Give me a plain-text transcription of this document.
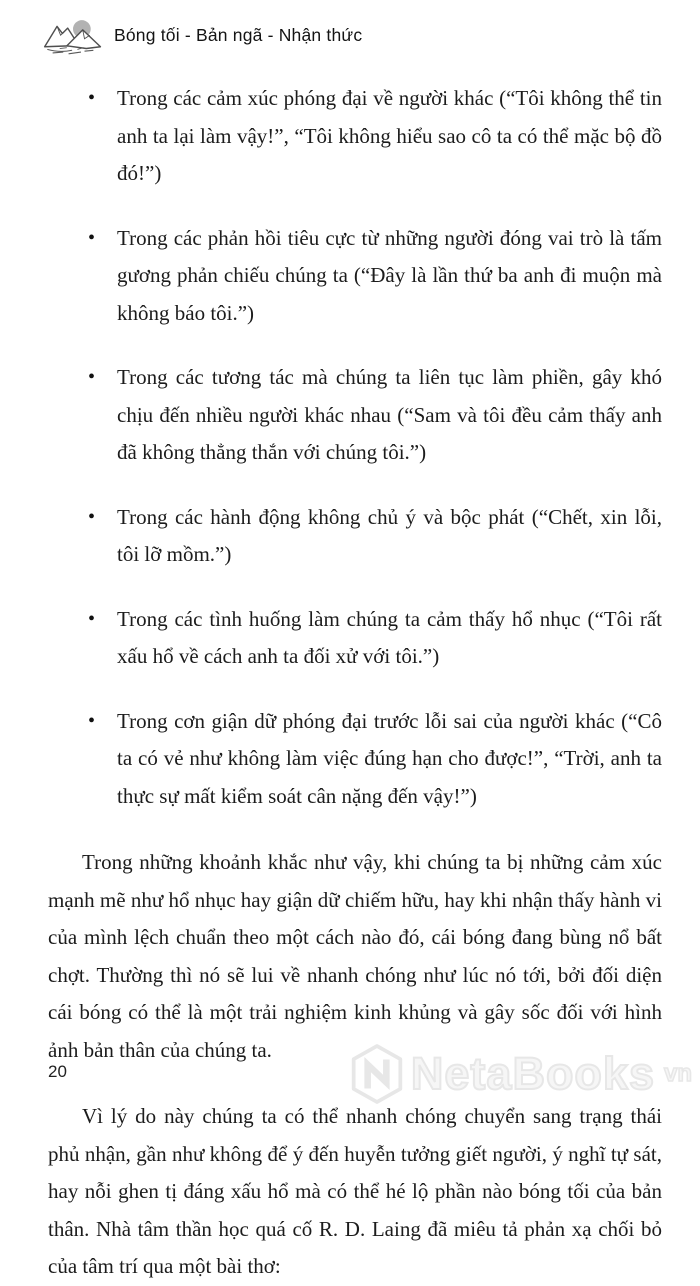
Bóng tối - Bản ngã - Nhận thức
• Trong các cảm xúc phóng đại về người khác (“Tôi không thể tin anh ta lại làm vậy!”, “Tôi không hiểu sao cô ta có thể mặc bộ đồ đó!”)
• Trong các phản hồi tiêu cực từ những người đóng vai trò là tấm gương phản chiếu chúng ta (“Đây là lần thứ ba anh đi muộn mà không báo tôi.”)
• Trong các tương tác mà chúng ta liên tục làm phiền, gây khó chịu đến nhiều người khác nhau (“Sam và tôi đều cảm thấy anh đã không thẳng thắn với chúng tôi.”)
• Trong các hành động không chủ ý và bộc phát (“Chết, xin lỗi, tôi lỡ mồm.”)
• Trong các tình huống làm chúng ta cảm thấy hổ nhục (“Tôi rất xấu hổ về cách anh ta đối xử với tôi.”)
• Trong cơn giận dữ phóng đại trước lỗi sai của người khác (“Cô ta có vẻ như không làm việc đúng hạn cho được!”, “Trời, anh ta thực sự mất kiểm soát cân nặng đến vậy!”)

Trong những khoảnh khắc như vậy, khi chúng ta bị những cảm xúc mạnh mẽ như hổ nhục hay giận dữ chiếm hữu, hay khi nhận thấy hành vi của mình lệch chuẩn theo một cách nào đó, cái bóng đang bùng nổ bất chợt. Thường thì nó sẽ lui về nhanh chóng như lúc nó tới, bởi đối diện cái bóng có thể là một trải nghiệm kinh khủng và gây sốc đối với hình ảnh bản thân của chúng ta.

Vì lý do này chúng ta có thể nhanh chóng chuyển sang trạng thái phủ nhận, gần như không để ý đến huyễn tưởng giết người, ý nghĩ tự sát, hay nỗi ghen tị đáng xấu hổ mà có thể hé lộ phần nào bóng tối của bản thân. Nhà tâm thần học quá cố R. D. Laing đã miêu tả phản xạ chối bỏ của tâm trí qua một bài thơ:

20	NetaBooks vn
